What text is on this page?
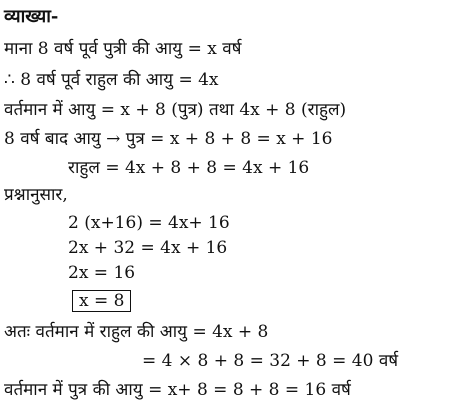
व्याख्या-
माना 8 वर्ष पूर्व पुत्री की आयु = x वर्ष
∴ 8 वर्ष पूर्व राहुल की आयु = 4x
वर्तमान में आयु = x + 8 (पुत्र) तथा 4x + 8 (राहुल)
8 वर्ष बाद आयु → पुत्र = x + 8 + 8 = x + 16
राहुल = 4x + 8 + 8 = 4x + 16
प्रश्नानुसार,
2 (x+16) = 4x+ 16
2x + 32 = 4x + 16
2x = 16
x = 8
अतः वर्तमान में राहुल की आयु = 4x + 8
= 4 × 8 + 8 = 32 + 8 = 40 वर्ष
वर्तमान में पुत्र की आयु = x+ 8 = 8 + 8 = 16 वर्ष
